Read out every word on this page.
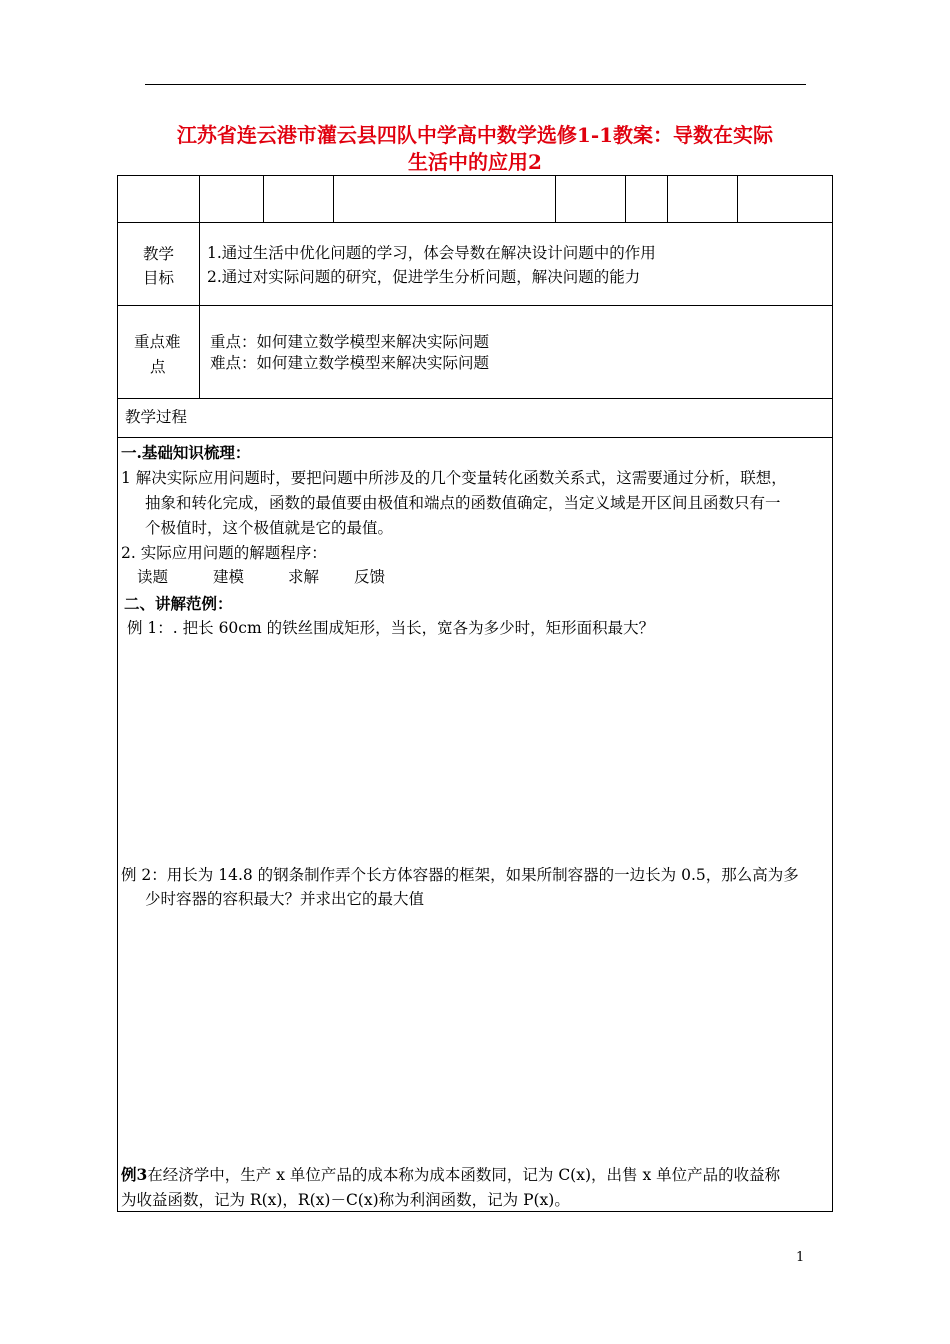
江苏省连云港市灌云县四队中学高中数学选修1-1教案：导数在实际
生活中的应用2
教学
目标
1.通过生活中优化问题的学习，体会导数在解决设计问题中的作用
2.通过对实际问题的研究，促进学生分析问题，解决问题的能力
重点难
点
重点：如何建立数学模型来解决实际问题
难点：如何建立数学模型来解决实际问题
教学过程
一.基础知识梳理：
1 解决实际应用问题时，要把问题中所涉及的几个变量转化函数关系式，这需要通过分析，联想，
抽象和转化完成，函数的最值要由极值和端点的函数值确定，当定义域是开区间且函数只有一
个极值时，这个极值就是它的最值。
2. 实际应用问题的解题程序：
读题	建模	求解 反馈
二、讲解范例：
例 1：. 把长 60cm 的铁丝围成矩形，当长，宽各为多少时，矩形面积最大？
例 2：用长为 14.8 的钢条制作弄个长方体容器的框架，如果所制容器的一边长为 0.5，那么高为多
少时容器的容积最大？并求出它的最大值
例3在经济学中，生产 x 单位产品的成本称为成本函数同，记为 C(x)，出售 x 单位产品的收益称
为收益函数，记为 R(x)，R(x)－C(x)称为利润函数，记为 P(x)。
1
